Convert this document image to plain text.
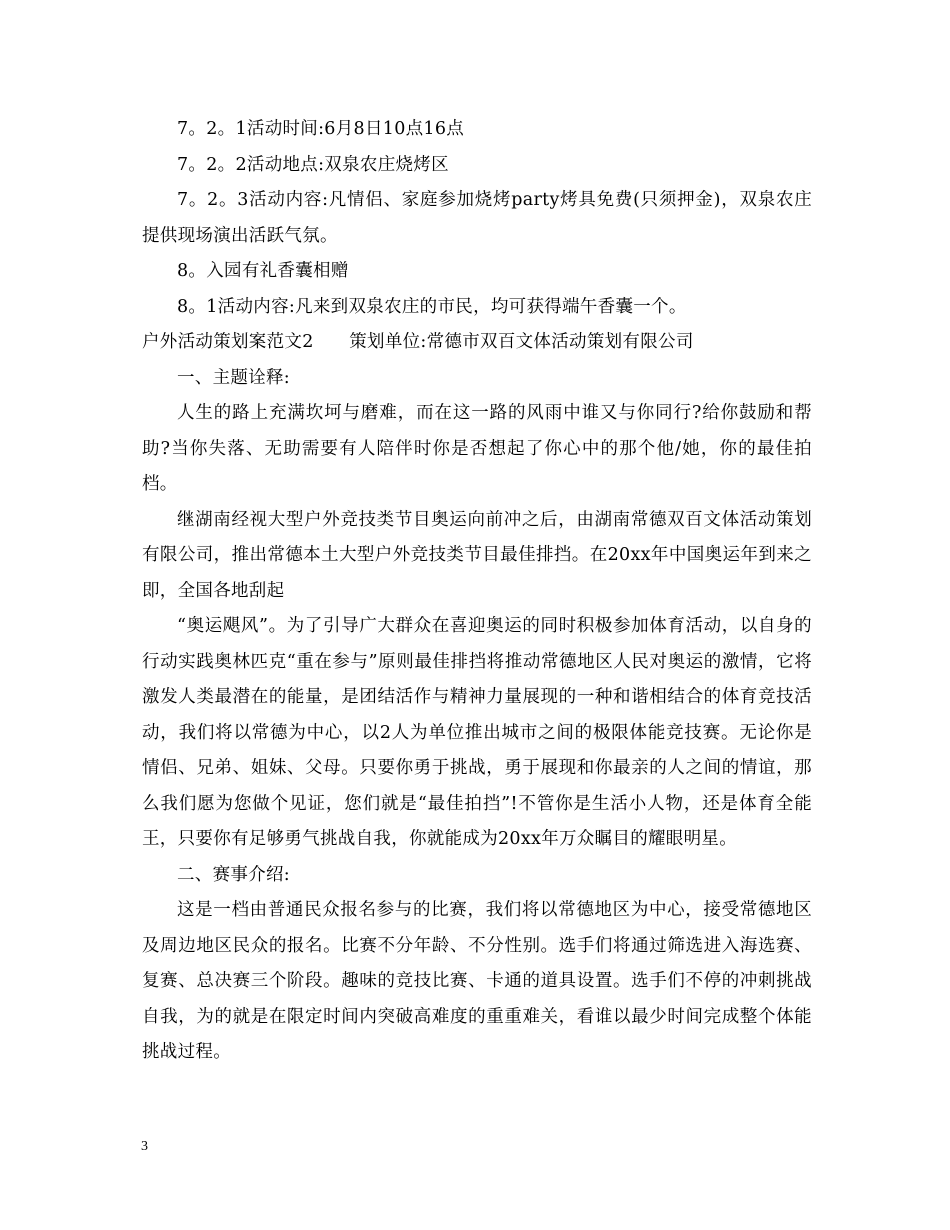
7。2。1活动时间:6月8日10点16点

7。2。2活动地点:双泉农庄烧烤区

7。2。3活动内容:凡情侣、家庭参加烧烤party烤具免费(只须押金)，双泉农庄提供现场演出活跃气氛。

8。入园有礼香囊相赠

8。1活动内容:凡来到双泉农庄的市民，均可获得端午香囊一个。

户外活动策划案范文2　　策划单位:常德市双百文体活动策划有限公司

一、主题诠释:

人生的路上充满坎坷与磨难，而在这一路的风雨中谁又与你同行?给你鼓励和帮助?当你失落、无助需要有人陪伴时你是否想起了你心中的那个他/她，你的最佳拍档。

继湖南经视大型户外竞技类节目奥运向前冲之后，由湖南常德双百文体活动策划有限公司，推出常德本土大型户外竞技类节目最佳排挡。在20xx年中国奥运年到来之即，全国各地刮起

“奥运飓风”。为了引导广大群众在喜迎奥运的同时积极参加体育活动，以自身的行动实践奥林匹克“重在参与”原则最佳排挡将推动常德地区人民对奥运的激情，它将激发人类最潜在的能量，是团结活作与精神力量展现的一种和谐相结合的体育竞技活动，我们将以常德为中心，以2人为单位推出城市之间的极限体能竞技赛。无论你是情侣、兄弟、姐妹、父母。只要你勇于挑战，勇于展现和你最亲的人之间的情谊，那么我们愿为您做个见证，您们就是“最佳拍挡”!不管你是生活小人物，还是体育全能王，只要你有足够勇气挑战自我，你就能成为20xx年万众瞩目的耀眼明星。

二、赛事介绍:

这是一档由普通民众报名参与的比赛，我们将以常德地区为中心，接受常德地区及周边地区民众的报名。比赛不分年龄、不分性别。选手们将通过筛选进入海选赛、复赛、总决赛三个阶段。趣味的竞技比赛、卡通的道具设置。选手们不停的冲刺挑战自我，为的就是在限定时间内突破高难度的重重难关，看谁以最少时间完成整个体能挑战过程。

3
